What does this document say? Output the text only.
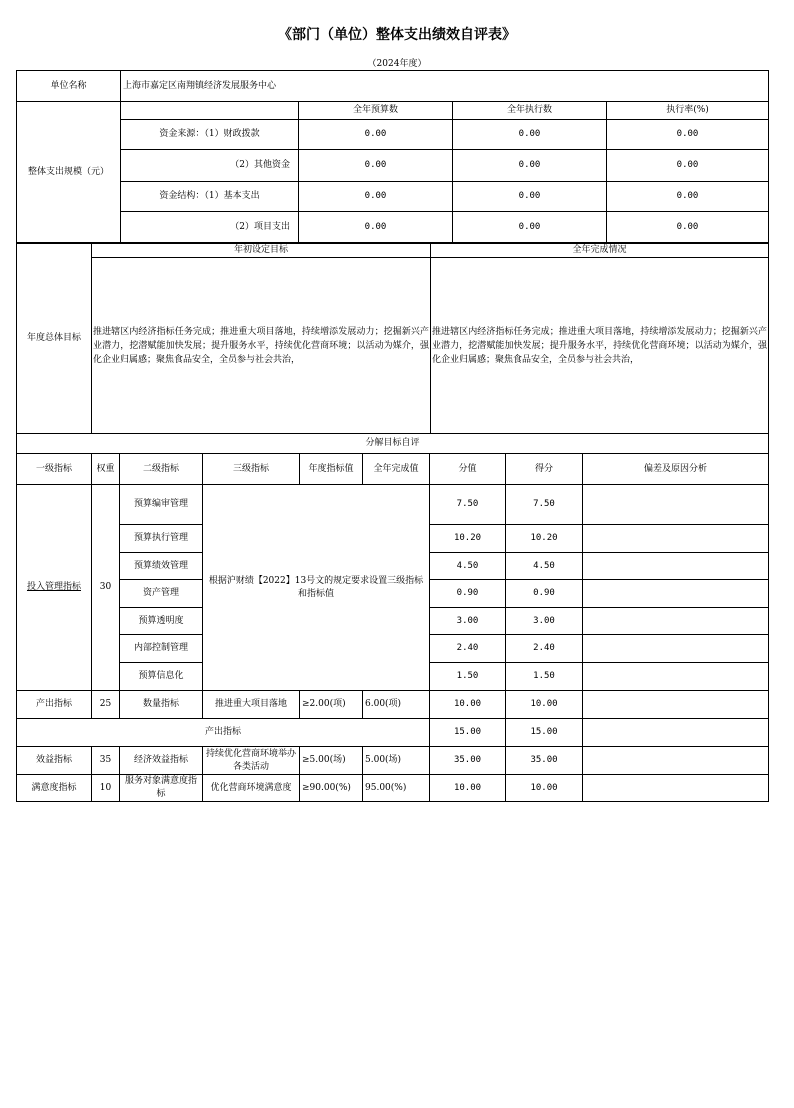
《部门（单位）整体支出绩效自评表》
（2024年度）
单位名称	上海市嘉定区南翔镇经济发展服务中心			
整体支出规模（元）		全年预算数	全年执行数	执行率(%)
	资金来源：（1）财政拨款	0.00	0.00	0.00
	（2）其他资金	0.00	0.00	0.00
	资金结构：（1）基本支出	0.00	0.00	0.00
	（2）项目支出	0.00	0.00	0.00
年度总体目标	年初设定目标	全年完成情况
	推进辖区内经济指标任务完成；推进重大项目落地，持续增添发展动力；挖掘新兴产业潜力，挖潜赋能加快发展；提升服务水平，持续优化营商环境；以活动为媒介，强化企业归属感；聚焦食品安全，全员参与社会共治，	推进辖区内经济指标任务完成；推进重大项目落地，持续增添发展动力；挖掘新兴产业潜力，挖潜赋能加快发展；提升服务水平，持续优化营商环境；以活动为媒介，强化企业归属感；聚焦食品安全，全员参与社会共治，
分解目标自评								
一级指标	权重	二级指标	三级指标	年度指标值	全年完成值	分值	得分	偏差及原因分析
投入管理指标	30	预算编审管理	根据沪财绩【2022】13号文的规定要求设置三级指标和指标值			7.50	7.50	
		预算执行管理				10.20	10.20	
		预算绩效管理				4.50	4.50	
		资产管理				0.90	0.90	
		预算透明度				3.00	3.00	
		内部控制管理				2.40	2.40	
		预算信息化				1.50	1.50	
产出指标	25	数量指标	推进重大项目落地	≥2.00(项)	6.00(项)	10.00	10.00	
产出指标						15.00	15.00	
效益指标	35	经济效益指标	持续优化营商环境举办各类活动	≥5.00(场)	5.00(场)	35.00	35.00	
满意度指标	10	服务对象满意度指标	优化营商环境满意度	≥90.00(%)	95.00(%)	10.00	10.00	
